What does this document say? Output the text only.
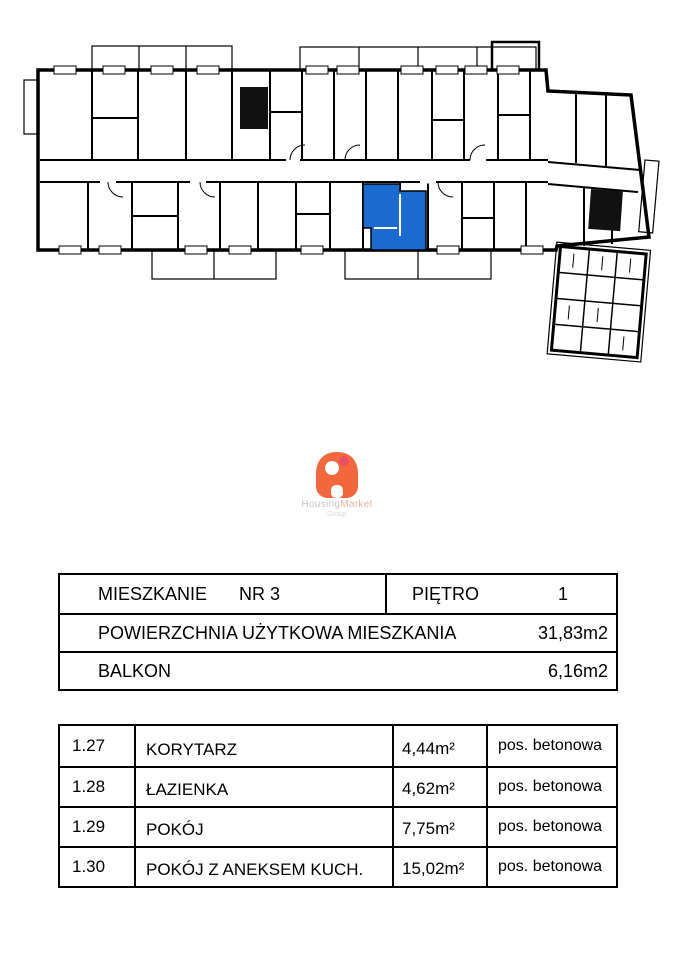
HousingMarket
Group
MIESZKANIE NR 3	PIĘTRO	1
POWIERZCHNIA UŻYTKOWA MIESZKANIA	31,83m2
BALKON	6,16m2
1.27	KORYTARZ	4,44m²	pos. betonowa
1.28	ŁAZIENKA	4,62m²	pos. betonowa
1.29	POKÓJ	7,75m²	pos. betonowa
1.30	POKÓJ Z ANEKSEM KUCH.	15,02m²	pos. betonowa
